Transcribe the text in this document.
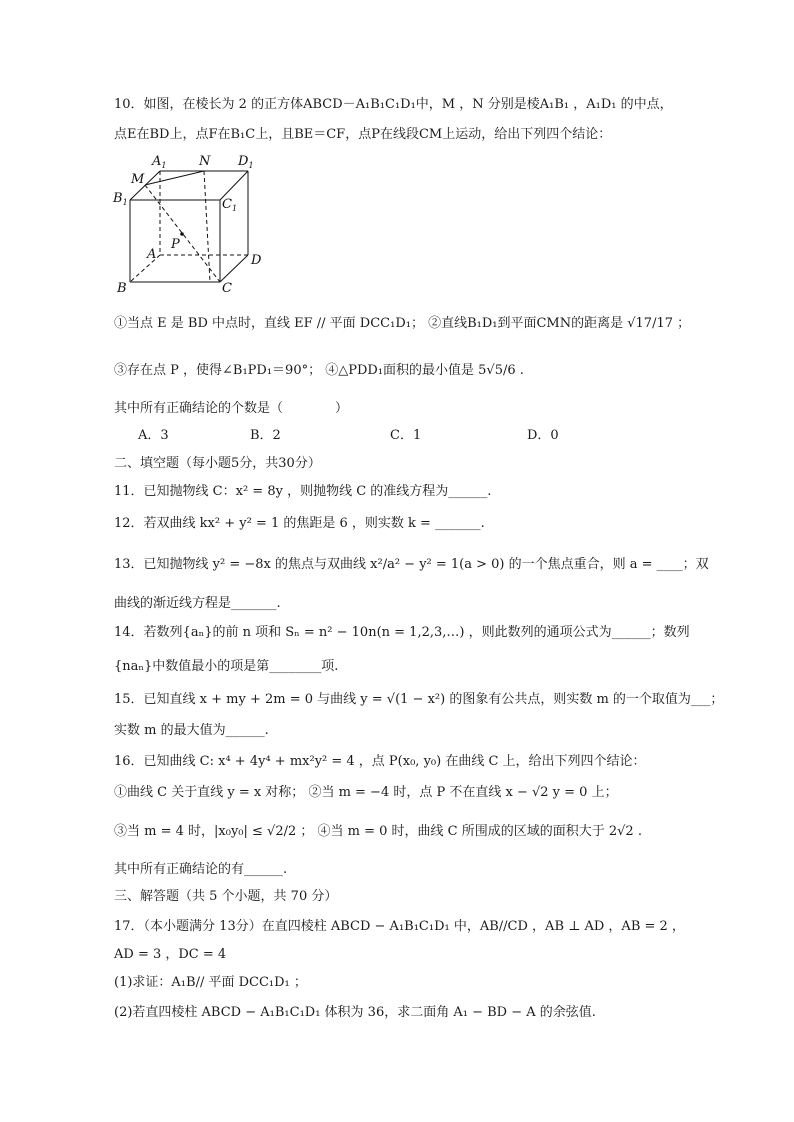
10．如图，在棱长为 2 的正方体ABCD－A₁B₁C₁D₁中，M ，N 分别是棱A₁B₁ ，A₁D₁ 的中点，
点E在BD上，点F在B₁C上，且BE＝CF，点P在线段CM上运动，给出下列四个结论：
$A_1$	N $D_1$
M
$B_1$	$C_1$
P
A	D
B	C
①当点 E 是 BD 中点时，直线 EF // 平面 DCC₁D₁； ②直线B₁D₁到平面CMN的距离是 √17/17 ；
③存在点 P ，使得∠B₁PD₁＝90°； ④△PDD₁面积的最小值是 5√5/6 .
其中所有正确结论的个数是（　　　　）
A．3	B．2	C．1	D．0
二、填空题（每小题5分，共30分）
11．已知抛物线 C：x² = 8y ，则抛物线 C 的准线方程为______.
12．若双曲线 kx² + y² = 1 的焦距是 6 ，则实数 k = _______.
13．已知抛物线 y² = −8x 的焦点与双曲线 x²/a² − y² = 1(a > 0) 的一个焦点重合，则 a = ____；双
曲线的渐近线方程是_______.
14．若数列{aₙ}的前 n 项和 Sₙ = n² − 10n(n = 1,2,3,…) ，则此数列的通项公式为______；数列
{naₙ}中数值最小的项是第________项.
15．已知直线 x + my + 2m = 0 与曲线 y = √(1 − x²) 的图象有公共点，则实数 m 的一个取值为___；
实数 m 的最大值为______.
16．已知曲线 C: x⁴ + 4y⁴ + mx²y² = 4 ，点 P(x₀, y₀) 在曲线 C 上，给出下列四个结论：
①曲线 C 关于直线 y = x 对称； ②当 m = −4 时，点 P 不在直线 x − √2 y = 0 上；
③当 m = 4 时，|x₀y₀| ≤ √2/2 ； ④当 m = 0 时，曲线 C 所围成的区域的面积大于 2√2 .
其中所有正确结论的有______.
三、解答题（共 5 个小题，共 70 分）
17．（本小题满分 13分）在直四棱柱 ABCD − A₁B₁C₁D₁ 中，AB//CD ，AB ⊥ AD ，AB = 2 ，
AD = 3 ，DC = 4
(1)求证：A₁B// 平面 DCC₁D₁ ；
(2)若直四棱柱 ABCD − A₁B₁C₁D₁ 体积为 36，求二面角 A₁ − BD − A 的余弦值.
